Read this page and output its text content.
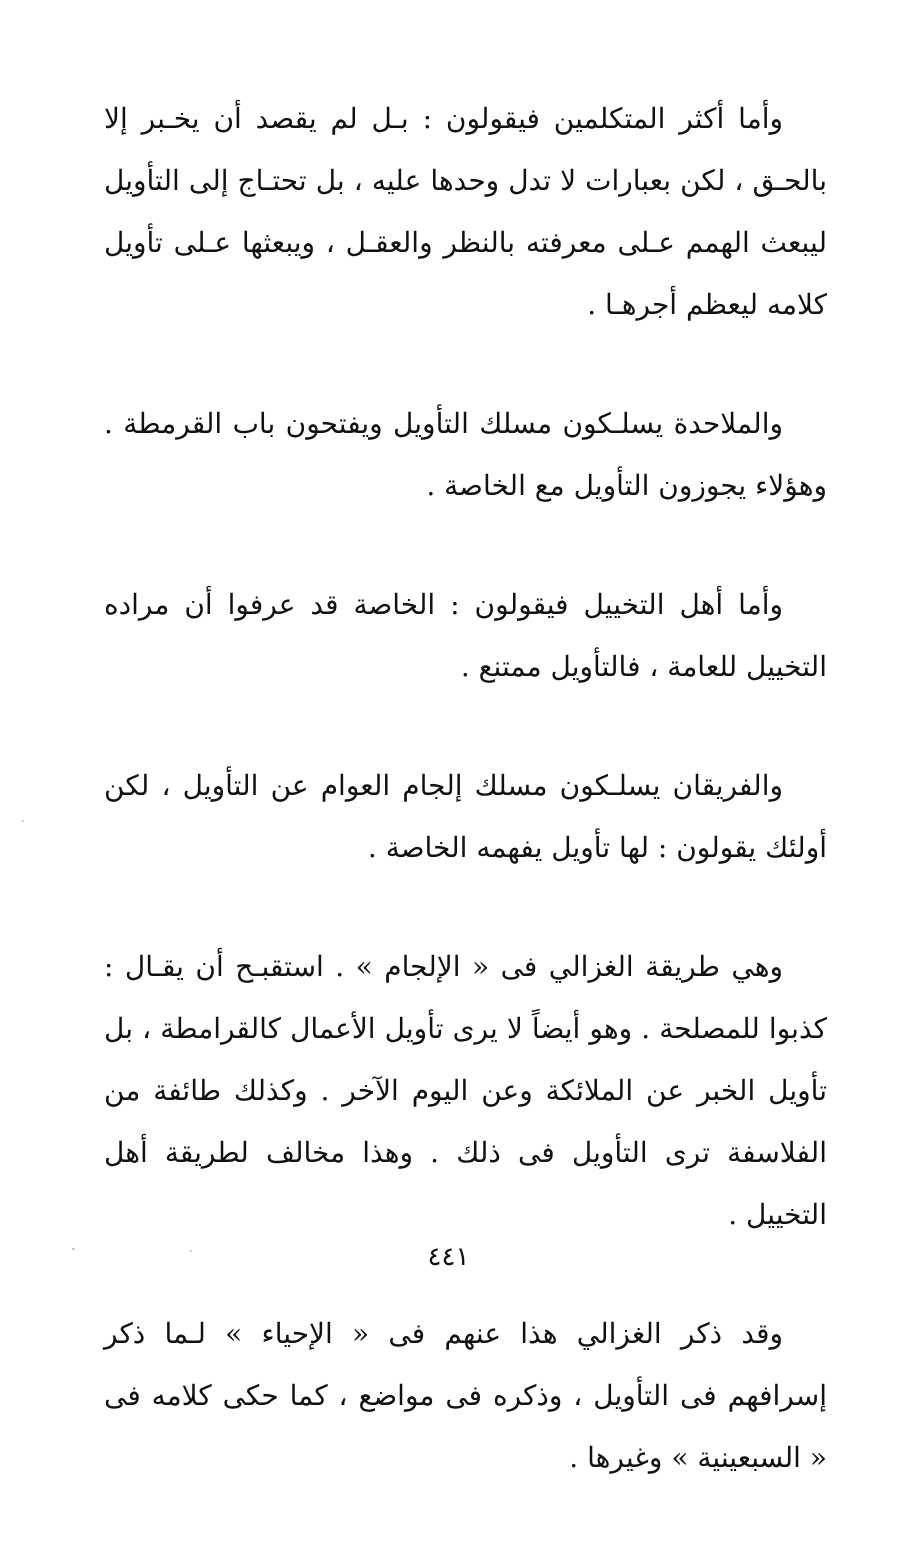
وأما أكثر المتكلمين فيقولون : بـل لم يقصد أن يخـبر إلا بالحـق ، لكن بعبارات لا تدل وحدها عليه ، بل تحتـاج إلى التأويل ليبعث الهمم عـلى معرفته بالنظر والعقـل ، ويبعثها عـلى تأويل كلامه ليعظم أجرهـا .

والملاحدة يسلـكون مسلك التأويل ويفتحون باب القرمطة . وهؤلاء يجوزون التأويل مع الخاصة .

وأما أهل التخييل فيقولون : الخاصة قد عرفوا أن مراده التخييل للعامة ، فالتأويل ممتنع .

والفريقان يسلـكون مسلك إلجام العوام عن التأويل ، لكن أولئك يقولون : لها تأويل يفهمه الخاصة .

وهي طريقة الغزالي فى « الإلجام » . استقبـح أن يقـال : كذبوا للمصلحة . وهو أيضاً لا يرى تأويل الأعمال كالقرامطة ، بل تأويل الخبر عن الملائكة وعن اليوم الآخر . وكذلك طائفة من الفلاسفة ترى التأويل فى ذلك . وهذا مخالف لطريقة أهل التخييل .

وقد ذكر الغزالي هذا عنهم فى « الإحياء » لـما ذكر إسرافهم فى التأويل ، وذكره فى مواضع ، كما حكى كلامه فى « السبعينية » وغيرها .

٤٤١
